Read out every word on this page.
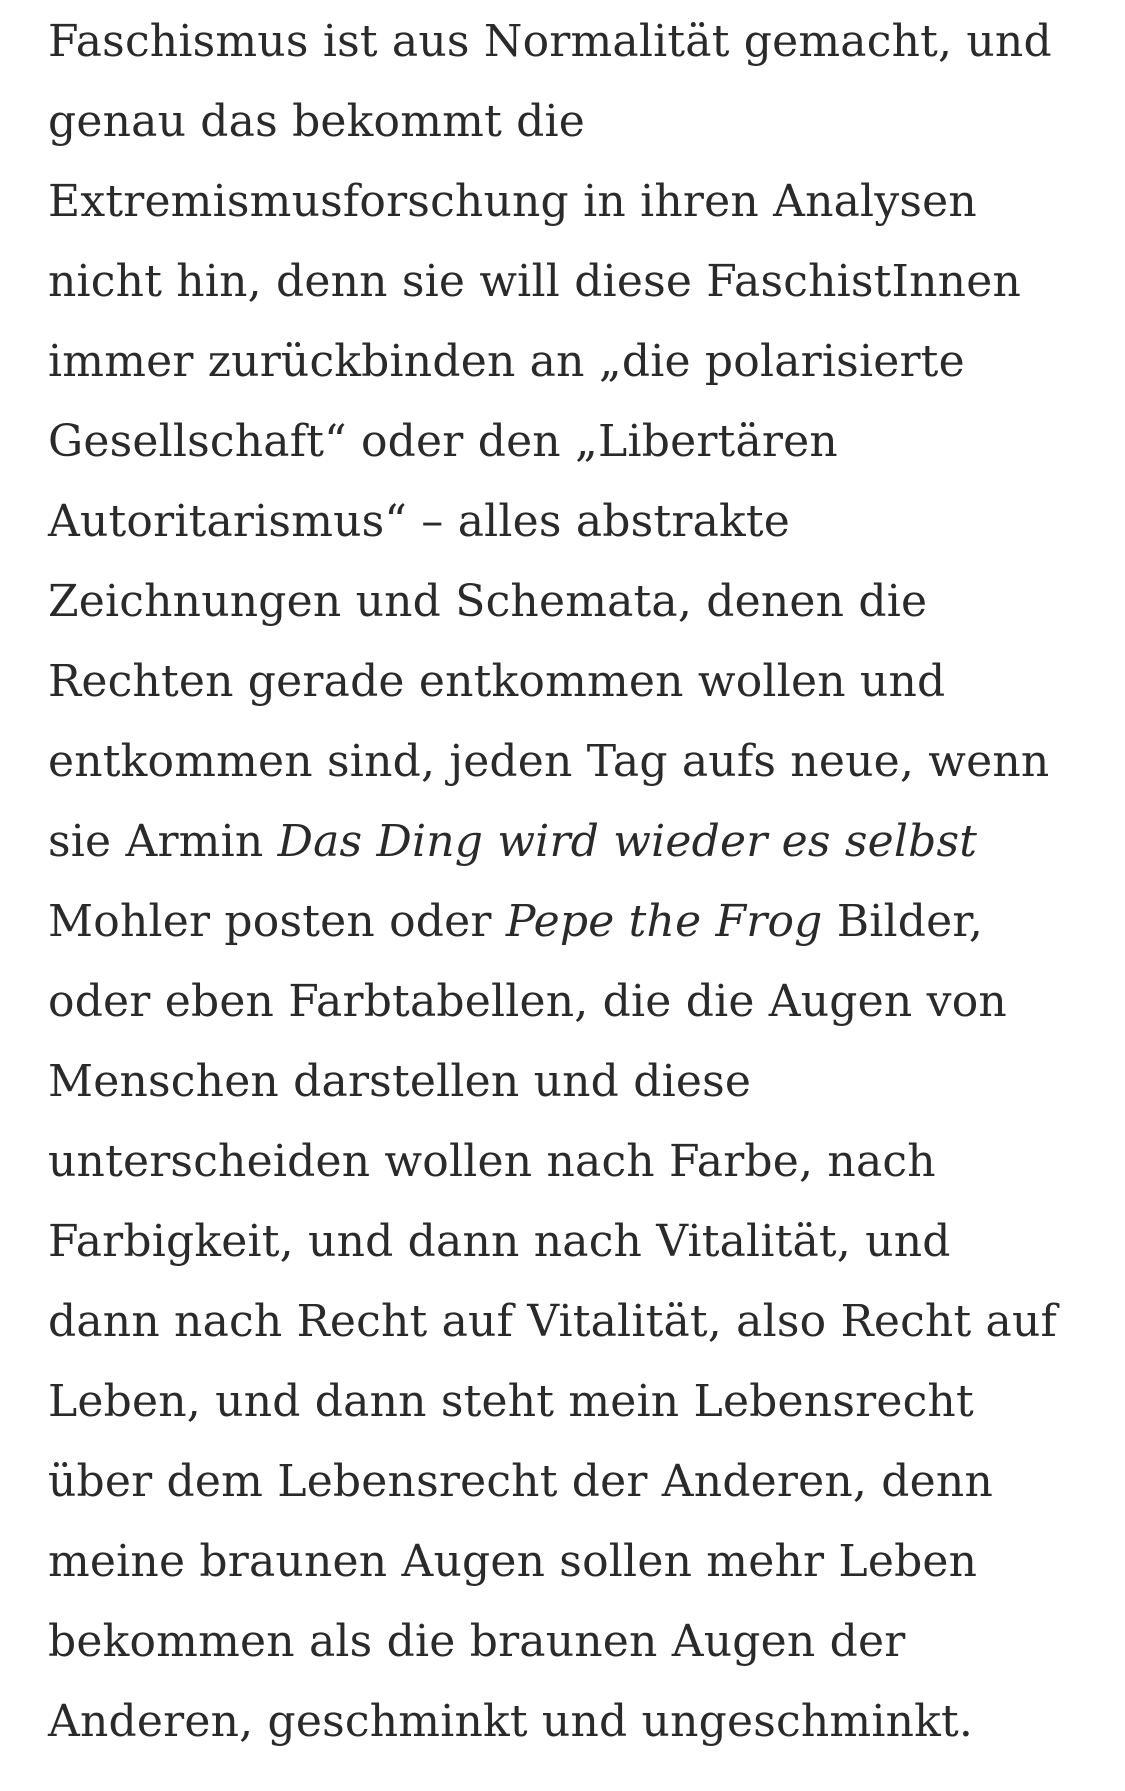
Faschismus ist aus Normalität gemacht, und
genau das bekommt die
Extremismusforschung in ihren Analysen
nicht hin, denn sie will diese FaschistInnen
immer zurückbinden an „die polarisierte
Gesellschaft“ oder den „Libertären
Autoritarismus“ – alles abstrakte
Zeichnungen und Schemata, denen die
Rechten gerade entkommen wollen und
entkommen sind, jeden Tag aufs neue, wenn
sie Armin Das Ding wird wieder es selbst
Mohler posten oder Pepe the Frog Bilder,
oder eben Farbtabellen, die die Augen von
Menschen darstellen und diese
unterscheiden wollen nach Farbe, nach
Farbigkeit, und dann nach Vitalität, und
dann nach Recht auf Vitalität, also Recht auf
Leben, und dann steht mein Lebensrecht
über dem Lebensrecht der Anderen, denn
meine braunen Augen sollen mehr Leben
bekommen als die braunen Augen der
Anderen, geschminkt und ungeschminkt.
